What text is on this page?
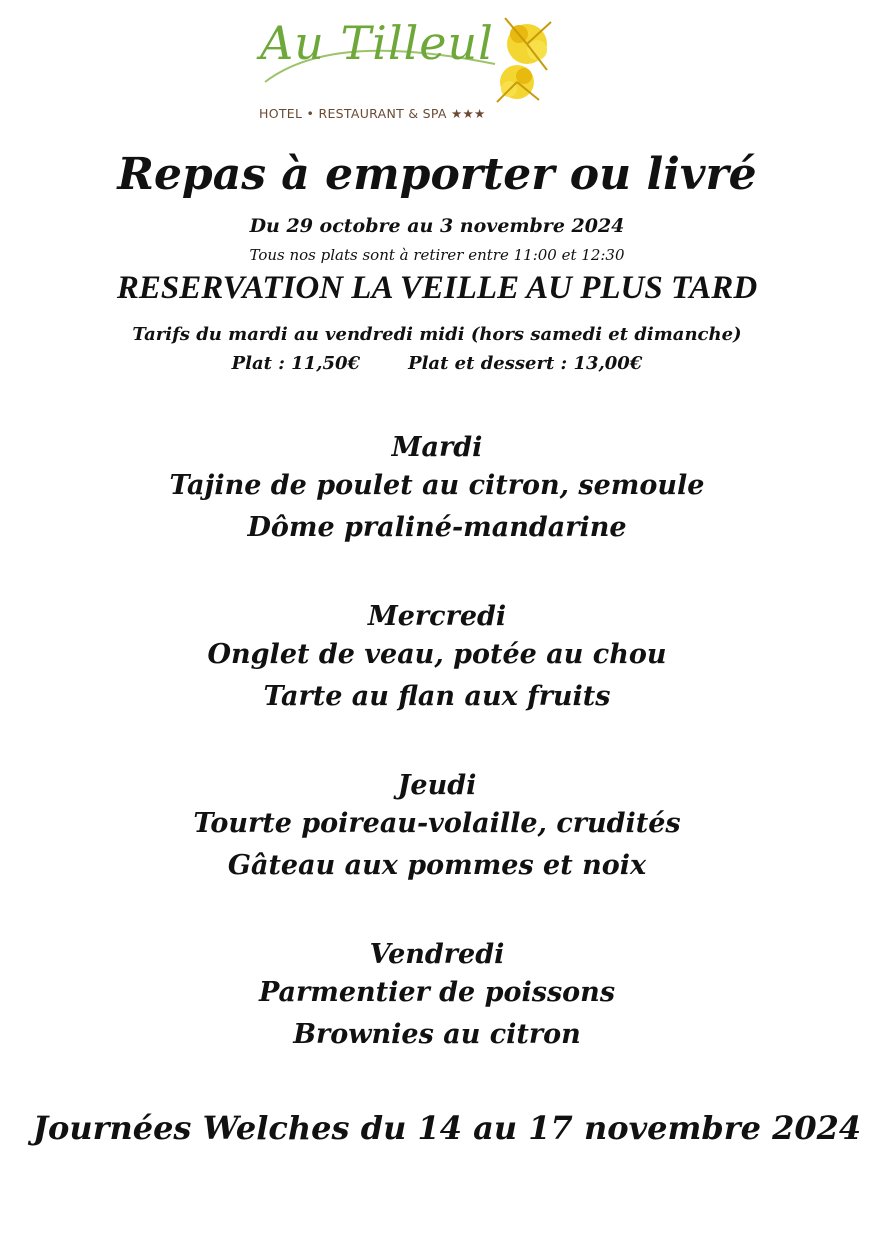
Au Tilleul
HOTEL • RESTAURANT & SPA ★★★
Repas à emporter ou livré
Du 29 octobre au 3 novembre 2024
Tous nos plats sont à retirer entre 11:00 et 12:30
RESERVATION LA VEILLE AU PLUS TARD
Tarifs du mardi au vendredi midi (hors samedi et dimanche)
Plat : 11,50€	Plat et dessert : 13,00€
Mardi
Tajine de poulet au citron, semoule
Dôme praliné-mandarine
Mercredi
Onglet de veau, potée au chou
Tarte au flan aux fruits
Jeudi
Tourte poireau-volaille, crudités
Gâteau aux pommes et noix
Vendredi
Parmentier de poissons
Brownies au citron
Journées Welches du 14 au 17 novembre 2024
